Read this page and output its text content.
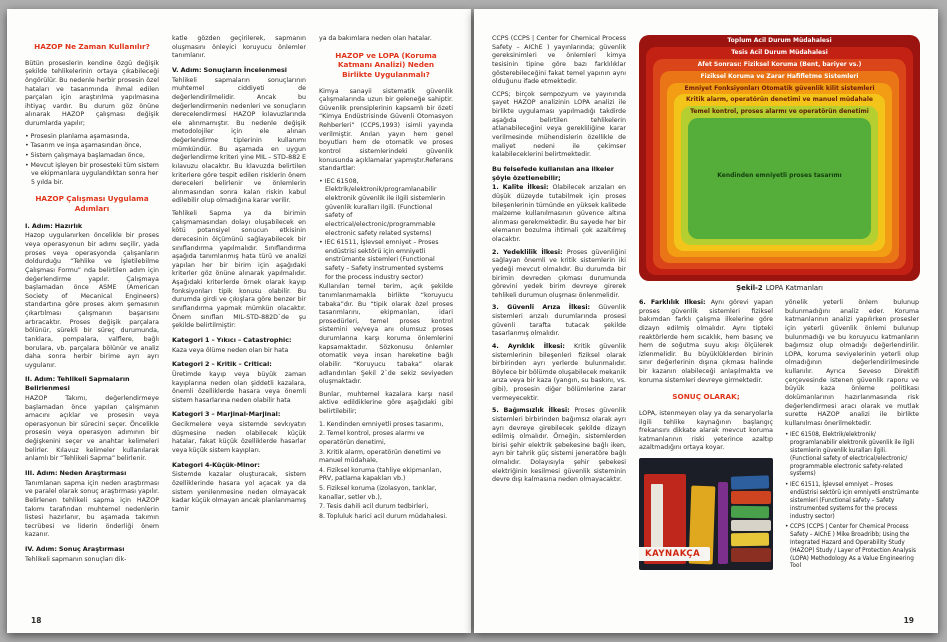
HAZOP Ne Zaman Kullanılır?
Bütün proseslerin kendine özgü değişik şekilde tehlikelerinin ortaya çıkabileceği öngörülür. Bu nedenle herbir prosesin özel hataları ve tasarımında ihmal edilen parçaları için araştırılma yapılmasına ihtiyaç vardır. Bu durum göz önüne alınarak HAZOP çalışması değişik durumlarda yapılır;
• Prosesin planlama aşamasında,
• Tasarım ve inşa aşamasından önce,
• Sistem çalışmaya başlamadan önce,
• Mevcut işleyen bir prosesteki tüm sistem ve ekipmanlara uygulandıktan sonra her 5 yılda bir.
HAZOP Çalışması Uygulama Adımları
I. Adım: Hazırlık
Hazop uygulanırken öncelikle bir proses veya operasyonun bir adımı seçilir, yada proses veya operasyonda çalışanların doldurduğu “Tehlike ve İşletilebilme Çalışması Formu” nda belirtilen adım için değerlendirme yapılır. Çalışmaya başlamadan önce ASME (American Society of Mecanical Engineers) standartına göre proses akım şemasının çıkartılması çalışmanın başarısını artıracaktır. Proses değişik parçalara bölünür, sürekli bir süreç durumunda, tanklara, pompalara, valflere, bağlı borulara, vb. parçalara bölünür ve analiz daha sonra herbir birime ayrı ayrı uygulanır.
II. Adım: Tehlikeli Sapmaların Belirlenmesi
HAZOP Takımı, değerlendirmeye başlamadan önce yapılan çalışmanın amacını açıklar ve prosesin veya operasyonun bir sürecini seçer. Öncelikle prosesin veya operasyon adımının bir değişkenini seçer ve anahtar kelimeleri belirler. Kılavuz kelimeler kullanılarak anlamlı bir “Tehlikeli Sapma” belirlenir.
III. Adım: Neden Araştırması
Tanımlanan sapma için neden araştırması ve paralel olarak sonuç araştırması yapılır. Belirlenen tehlikeli sapma için HAZOP takımı tarafından muhtemel nedenlerin listesi hazırlanır, bu aşamada takımın tecrübesi ve liderin önderliği önem kazanır.
IV. Adım: Sonuç Araştırması
Tehlikeli sapmanın sonuçları dik-
katle gözden geçirilerek, sapmanın oluşmasını önleyici koruyucu önlemler tanımlanır.
V. Adım: Sonuçların İncelenmesi
Tehlikeli sapmaların sonuçlarının muhtemel ciddiyeti de değerlendirilmelidir. Ancak bu değerlendirmenin nedenleri ve sonuçların derecelendirmesi HAZOP kılavuzlarında ele alınmamıştır. Bu nedenle değişik metodolojiler için ele alınan değerlendirme tiplerinin kullanımı mümkündür. Bu aşamada en uygun değerlendirme kriteri yine MIL – STD-882 E kılavuzu olacaktır. Bu klavuzda belirtilen kriterlere göre tespit edilen risklerin önem dereceleri belirlenir ve önlemlerin alınmasından sonra kalan riskin kabul edilebilir olup olmadığına karar verilir.
Tehlikeli Sapma ya da birimin çalışmamasından dolayı oluşabilecek en kötü potansiyel sonucun etkisinin derecesinin ölçümünü sağlayabilecek bir sınıflandırma yapılmalıdır. Sınıflandırma aşağıda tanımlanmış hata türü ve analizi yapılan her bir birim için aşağıdaki kriterler göz önüne alınarak yapılmalıdır. Aşağıdaki kriterlerde örnek olarak kayıp fonksiyonları tipik konusu olabilir. Bu durumda girdi ve çıkışlara göre benzer bir sınıflandırma yapmak mümkün olacaktır. Önem sınıfları MIL-STD-882D`de şu şekilde belirtilmiştir:
Kategori 1 – Yıkıcı – Catastrophic:
Kaza veya ölüme neden olan bir hata
Kategori 2 – Kritik – Critical:
Üretimde kayıp veya büyük zaman kayıplarına neden olan şiddetli kazalara, önemli özelliklerde hasara veya önemli sistem hasarlarına neden olabilir hata
Kategori 3 – Marjinal-Marjinal:
Gecikmelere veya sistemde sevkıyatın düşmesine neden olabilecek küçük hatalar, fakat küçük özelliklerde hasarlar veya küçük sistem kayıpları.
Kategori 4-Küçük-Minor:
Sistemde kazalar oluşturacak, sistem özelliklerinde hasara yol açacak ya da sistem yenilenmesine neden olmayacak kadar küçük olmayan ancak planlanmamış tamir
ya da bakımlara neden olan hatalar.
HAZOP ve LOPA (Koruma Katmanı Analizi) Neden Birlikte Uygulanmalı?
Kimya sanayii sistematik güvenlik çalışmalarında uzun bir geleneğe sahiptir. Güvenlik prensiplerinin kapsamlı bir özeti “Kimya Endüstrisinde Güvenli Otomasyon Rehberleri” (CCPS,1993) isimli yayında verilmiştir. Anılan yayın hem genel boyutları hem de otomatik ve proses kontrol sistemlerindeki güvenlik konusunda açıklamalar yapmıştır.Referans standartlar:
• IEC 61508, Elektrik/elektronik/programlanabilir elektronik güvenlik ile ilgili sistemlerin güvenlik kuralları ilgili. (Functional safety of electrical/electronic/programmable electronic safety related systems)
• IEC 61511, İşlevsel emniyet – Proses endüstrisi sektörü için emniyetli enstrümante sistemleri (Functional safety – Safety instrumented systems for the process industry sector)
Kullanılan temel terim, açık şekilde tanımlanmamakla birlikte “koruyucu tabaka”dır. Bu “tipik olarak özel proses tasarımlarını, ekipmanları, idari prosedürleri, temel proses kontrol sistemini ve/veya anı olumsuz proses durumlarına karşı koruma önlemlerini kapsamaktadır. Sözkonusu önlemler otomatik veya insan hareketine bağlı olabilir. “Koruyucu tabaka” olarak adlandırılan Şekil 2`de sekiz seviyeden oluşmaktadır.
Bunlar, muhtemel kazalara karşı nasıl aktive edildiklerine göre aşağıdaki gibi belirtilebilir;
1. Kendinden emniyetli proses tasarımı,
2. Temel kontrol, proses alarmı ve operatörün denetimi,
3. Kritik alarm, operatörün denetimi ve manuel müdahale,
4. Fiziksel koruma (tahliye ekipmanları, PRV, patlama kapakları vb.)
5. Fiziksel koruma (izolasyon, tanklar, kanallar, setler vb.),
7. Tesis dahili acil durum tedbirleri,
8. Topluluk harici acil durum müdahalesi.
18
CCPS (CCPS | Center for Chemical Process Safety – AIChE ) yayınlarında; güvenlik gereksinimleri ve önlemleri kimya tesisinin tipine göre bazı farklılıklar gösterebileceğini fakat temel yapının aynı olduğunu ifade etmektedir.
CCPS; birçok sempozyum ve yayınında şayet HAZOP analizinin LOPA analizi ile birlikte uygulaması yapılmadığı takdirde aşağıda belirtilen tehlikelerin atlanabileceğini veya gerekliliğine karar verilmesinde mühendislerin özellikle de maliyet nedeni ile çekimser kalabileceklerini belirtmektedir.
Bu felsefede kullanılan ana ilkeler şöyle özetlenebilir;
1. Kalite İlkesi: Olabilecek arızaları en düşük düzeyde tutabilmek için proses bileşenlerinin tümünde en yüksek kalitede malzeme kullanılmasının güvence altına alınması gerekmektedir. Bu sayede her bir elemanın bozulma ihtimali çok azaltılmış olacaktır.
2. Yedeklilik İlkesi: Proses güvenliğini sağlayan önemli ve kritik sistemlerin iki yedeği mevcut olmalıdır. Bu durumda bir birimin devreden çıkması durumunda görevini yedek birim devreye girerek tehlikeli durumun oluşması önlenmelidir.
3. Güvenli Arıza İlkesi: Güvenlik sistemleri arızalı durumlarında prosesi güvenli tarafta tutacak şekilde tasarlanmış olmalıdır.
4. Ayrıklık İlkesi: Kritik güvenlik sistemlerinin bileşenleri fiziksel olarak birbirinden ayrı yerlerde bulunmalıdır. Böylece bir bölümde oluşabilecek mekanik arıza veya bir kaza (yangın, su baskını, vs. gibi), prosesin diğer bölümlerine zarar vermeyecektir.
5. Bağımsızlık İlkesi: Proses güvenlik sistemleri birbirinden bağımsız olarak ayrı ayrı devreye girebilecek şekilde dizayn edilmiş olmalıdır. Örneğin, sistemlerden birisi şehir elektrik şebekesine bağlı iken, ayrı bir tahrik güç sistemi jeneratöre bağlı olmalıdır. Dolayısıyla şehir şebekesi elektriğinin kesilmesi güvenlik sisteminin devre dışı kalmasına neden olmayacaktır.
Toplum Acil Durum Müdahalesi
Tesis Acil Durum Müdahalesi
Afet Sonrası: Fiziksel Koruma (Bent, bariyer vs.)
Fiziksel Koruma ve Zarar Hafifletme Sistemleri
Emniyet Fonksiyonları Otomatik güvenlik kilit sistemleri
Kritik alarm, operatörün denetimi ve manuel müdahale
Temel kontrol, proses alarmı ve operatörün denetimi
Kendinden emniyetli proses tasarımı
Şekil-2 LOPA Katmanları
6. Farklılık İlkesi: Aynı görevi yapan proses güvenlik sistemleri fiziksel bakımdan farklı çalışma ilkelerine göre dizayn edilmiş olmalıdır. Aynı tipteki reaktörlerde hem sıcaklık, hem basınç ve hem de soğutma suyu akışı ölçülerek izlenmelidir. Bu büyüklüklerden birinin sınır değerlerinin dışına çıkması halinde bir kazanın olabileceği anlaşılmakta ve koruma sistemleri devreye girmektedir.
SONUÇ OLARAK;
LOPA, istenmeyen olay ya da senaryolarla ilgili tehlike kaynağının başlangıç frekansını dikkate alarak mevcut koruma katmanlarının riski yeterince azaltıp azaltmadığını ortaya koyar.
KAYNAKÇA
yönelik yeterli önlem bulunup bulunmadığını analiz eder. Koruma katmanlarının analizi yapılırken prosesler için yeterli güvenlik önlemi bulunup bulunmadığı ve bu koruyucu katmanların bağımsız olup olmadığı değerlendirilir. LOPA, koruma seviyelerinin yeterli olup olmadığının değerlendirilmesinde kullanılır. Ayrıca Seveso Direktifi çerçevesinde istenen güvenlik raporu ve büyük kaza önleme politikası dokümanlarının hazırlanmasında risk değerlendirmesi aracı olarak ve mutlak surette HAZOP analizi ile birlikte kullanılması önerilmektedir.
• IEC 61508, Elektrik/elektronik/ programlanabilir elektronik güvenlik ile ilgili sistemlerin güvenlik kuralları ilgili. (Functional safety of electrical/electronic/ programmable electronic safety-related systems)
• IEC 61511, İşlevsel emniyet – Proses endüstrisi sektörü için emniyetli enstrümante sistemleri (Functional safety – Safety instrumented systems for the process industry sector)
• CCPS (CCPS | Center for Chemical Process Safety – AIChE ) Mike Broadribb; Using the Integrated Hazard and Operability Study (HAZOP) Study / Layer of Protection Analysis (LOPA) Methodology As a Value Engineering Tool
19
